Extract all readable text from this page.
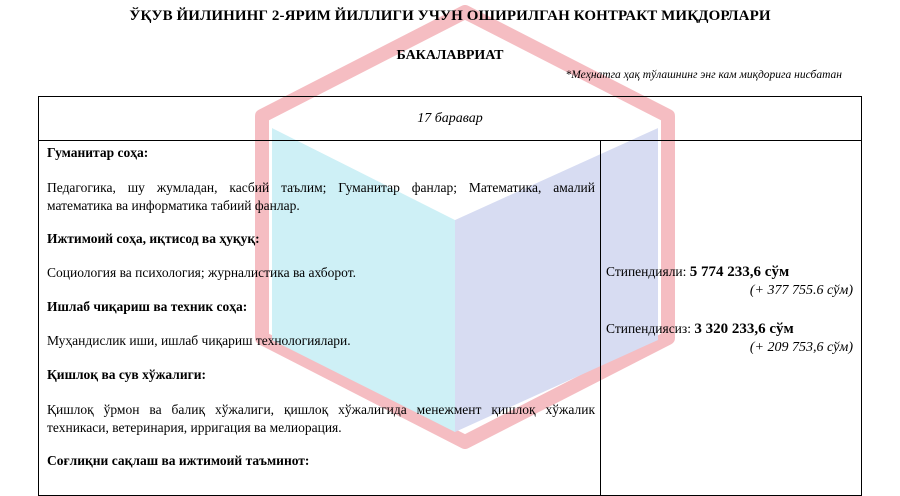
ЎҚУВ ЙИЛИНИНГ 2-ЯРИМ ЙИЛЛИГИ УЧУН ОШИРИЛГАН КОНТРАКТ МИҚДОРЛАРИ
БАКАЛАВРИАТ
*Меҳнатга ҳақ тўлашнинг энг кам миқдорига нисбатан
17 баравар
Гуманитар соҳа:
Педагогика, шу жумладан, касбий таълим; Гуманитар фанлар; Математика, амалий математика ва информатика табиий фанлар.
Ижтимоий соҳа, иқтисод ва ҳуқуқ:
Социология ва психология; журналистика ва ахборот.
Ишлаб чиқариш ва техник соҳа:
Муҳандислик иши, ишлаб чиқариш технологиялари.
Қишлоқ ва сув хўжалиги:
Қишлоқ ўрмон ва балиқ хўжалиги, қишлоқ хўжалигида менежмент қишлоқ хўжалик техникаси, ветеринария, ирригация ва мелиорация.
Соғлиқни сақлаш ва ижтимоий таъминот:
Стипендияли: 5 774 233,6 сўм
(+ 377 755.6 сўм)
Стипендиясиз: 3 320 233,6 сўм
(+ 209 753,6 сўм)
